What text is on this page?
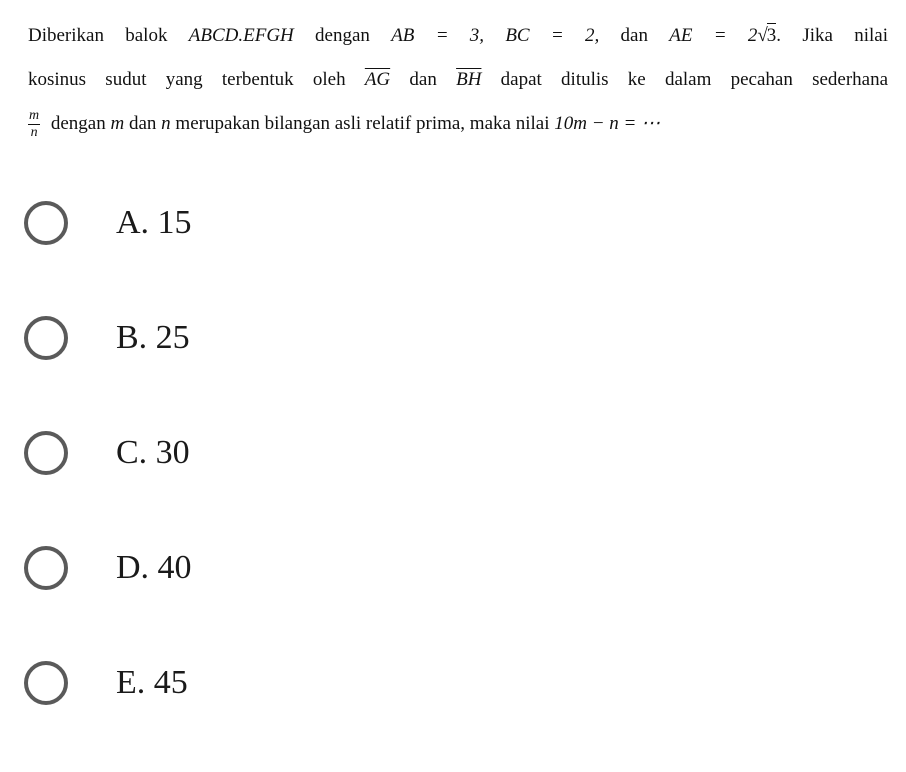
Diberikan balok ABCD.EFGH dengan AB = 3, BC = 2, dan AE = 2√3. Jika nilai
kosinus sudut yang terbentuk oleh $\overline{AG}$ dan $\overline{BH}$ dapat ditulis ke dalam pecahan sederhana
$\frac{m}{n}$ dengan m dan n merupakan bilangan asli relatif prima, maka nilai 10m − n = ⋯
A. 15
B. 25
C. 30
D. 40
E. 45
